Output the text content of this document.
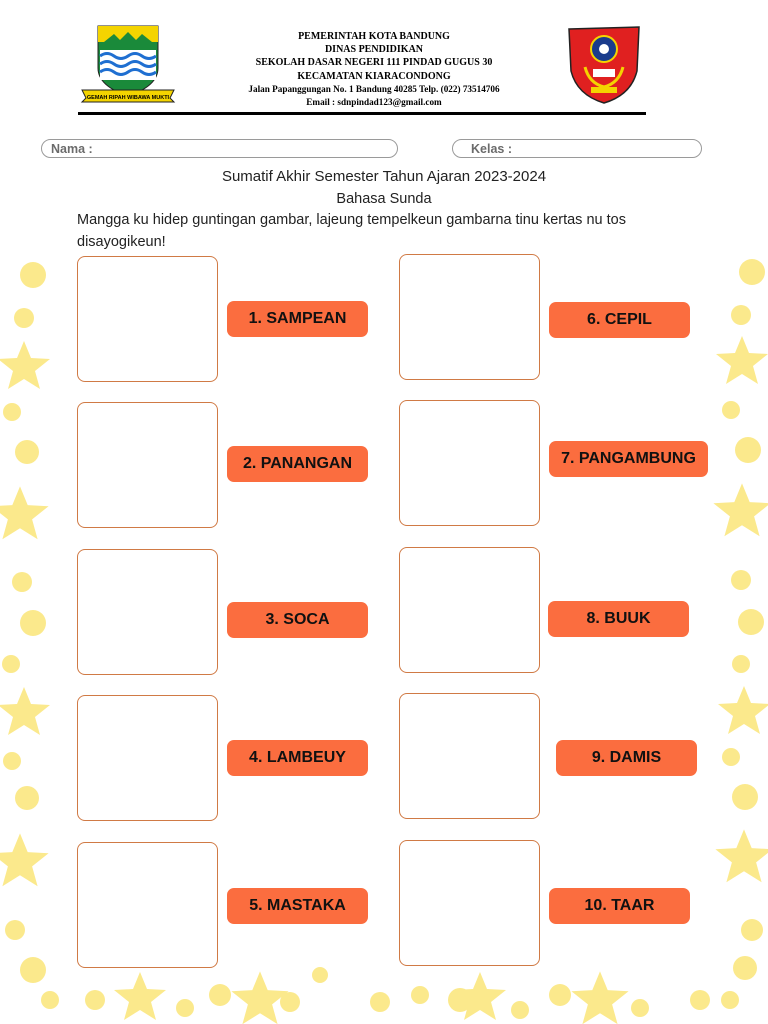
GEMAH RIPAH WIBAWA MUKTI
PEMERINTAH KOTA BANDUNG
DINAS PENDIDIKAN
SEKOLAH DASAR NEGERI 111 PINDAD GUGUS 30
KECAMATAN KIARACONDONG
Jalan Papanggungan No. 1 Bandung 40285 Telp. (022) 73514706
Email : sdnpindad123@gmail.com
Nama :	Kelas :
Sumatif Akhir Semester Tahun Ajaran 2023-2024
Bahasa Sunda
Mangga ku hidep guntingan gambar, lajeung tempelkeun gambarna tinu kertas nu tos disayogikeun!
1. SAMPEAN
2. PANANGAN
3. SOCA
4. LAMBEUY
5. MASTAKA
6. CEPIL
7. PANGAMBUNG
8. BUUK
9. DAMIS
10. TAAR
